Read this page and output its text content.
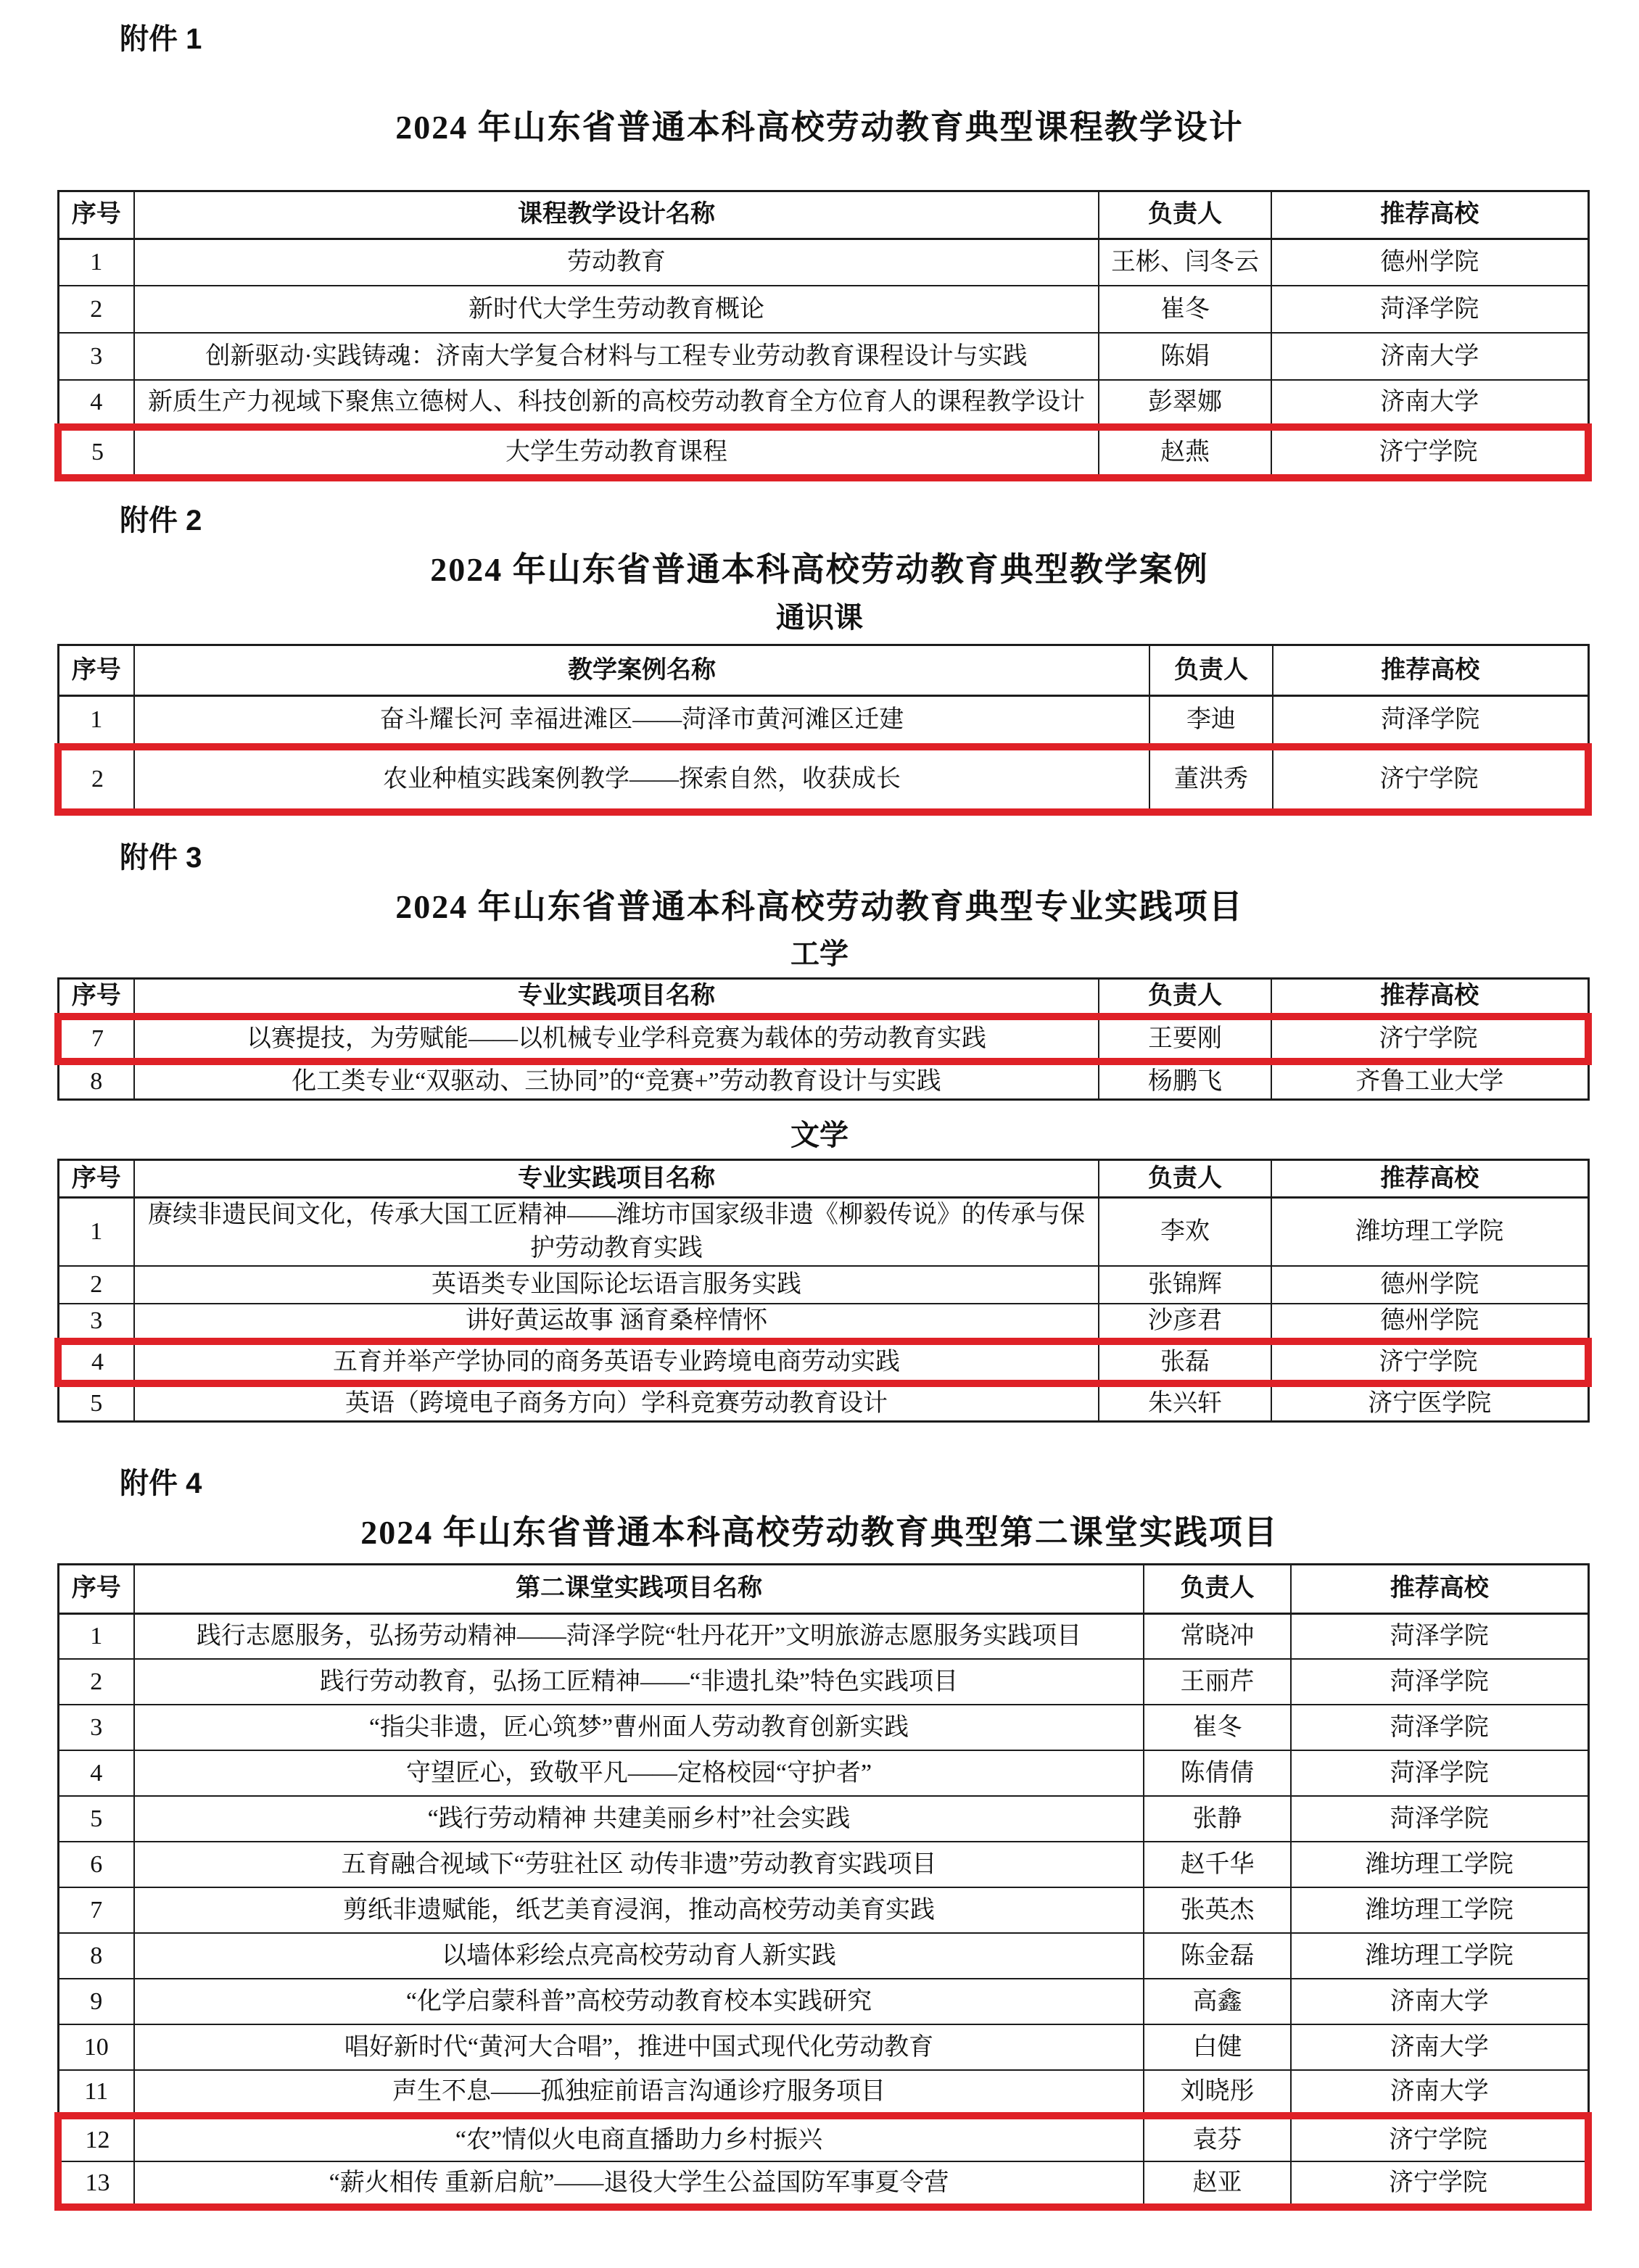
附件 1
2024 年山东省普通本科高校劳动教育典型课程教学设计
序号	课程教学设计名称	负责人	推荐高校
1	劳动教育	王彬、闫冬云	德州学院
2	新时代大学生劳动教育概论	崔冬	菏泽学院
3	创新驱动·实践铸魂：济南大学复合材料与工程专业劳动教育课程设计与实践	陈娟	济南大学
4	新质生产力视域下聚焦立德树人、科技创新的高校劳动教育全方位育人的课程教学设计	彭翠娜	济南大学
5	大学生劳动教育课程	赵燕	济宁学院
附件 2
2024 年山东省普通本科高校劳动教育典型教学案例
通识课
序号	教学案例名称	负责人	推荐高校
1	奋斗耀长河 幸福进滩区——菏泽市黄河滩区迁建	李迪	菏泽学院
2	农业种植实践案例教学——探索自然，收获成长	董洪秀	济宁学院
附件 3
2024 年山东省普通本科高校劳动教育典型专业实践项目
工学
序号	专业实践项目名称	负责人	推荐高校
7	以赛提技，为劳赋能——以机械专业学科竞赛为载体的劳动教育实践	王要刚	济宁学院
8	化工类专业“双驱动、三协同”的“竞赛+”劳动教育设计与实践	杨鹏飞	齐鲁工业大学
文学
序号	专业实践项目名称	负责人	推荐高校
1	赓续非遗民间文化，传承大国工匠精神——潍坊市国家级非遗《柳毅传说》的传承与保护劳动教育实践	李欢	潍坊理工学院
2	英语类专业国际论坛语言服务实践	张锦辉	德州学院
3	讲好黄运故事 涵育桑梓情怀	沙彦君	德州学院
4	五育并举产学协同的商务英语专业跨境电商劳动实践	张磊	济宁学院
5	英语（跨境电子商务方向）学科竞赛劳动教育设计	朱兴轩	济宁医学院
附件 4
2024 年山东省普通本科高校劳动教育典型第二课堂实践项目
序号	第二课堂实践项目名称	负责人	推荐高校
1	践行志愿服务，弘扬劳动精神——菏泽学院“牡丹花开”文明旅游志愿服务实践项目	常晓冲	菏泽学院
2	践行劳动教育，弘扬工匠精神——“非遗扎染”特色实践项目	王丽芹	菏泽学院
3	“指尖非遗，匠心筑梦”曹州面人劳动教育创新实践	崔冬	菏泽学院
4	守望匠心，致敬平凡——定格校园“守护者”	陈倩倩	菏泽学院
5	“践行劳动精神 共建美丽乡村”社会实践	张静	菏泽学院
6	五育融合视域下“劳驻社区 动传非遗”劳动教育实践项目	赵千华	潍坊理工学院
7	剪纸非遗赋能，纸艺美育浸润，推动高校劳动美育实践	张英杰	潍坊理工学院
8	以墙体彩绘点亮高校劳动育人新实践	陈金磊	潍坊理工学院
9	“化学启蒙科普”高校劳动教育校本实践研究	高鑫	济南大学
10	唱好新时代“黄河大合唱”，推进中国式现代化劳动教育	白健	济南大学
11	声生不息——孤独症前语言沟通诊疗服务项目	刘晓彤	济南大学
12	“农”情似火电商直播助力乡村振兴	袁芬	济宁学院
13	“薪火相传 重新启航”——退役大学生公益国防军事夏令营	赵亚	济宁学院
